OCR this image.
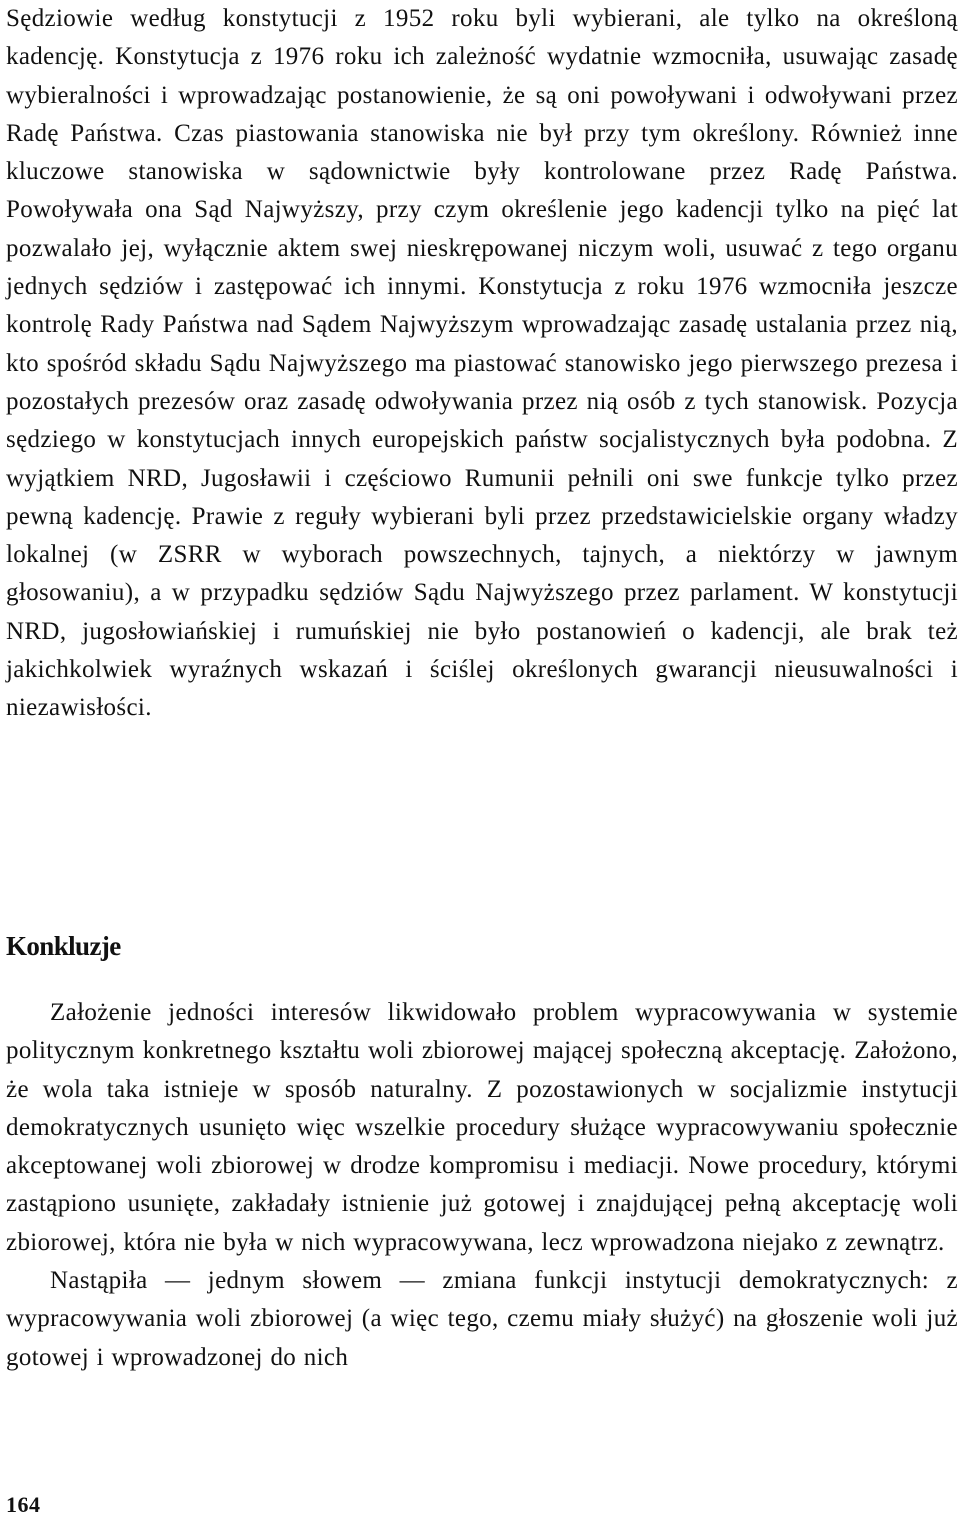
Sędziowie według konstytucji z 1952 roku byli wybierani, ale tylko na określoną kadencję. Konstytucja z 1976 roku ich zależność wydatnie wzmocniła, usuwając zasadę wybieralności i wprowadzając postanowienie, że są oni powoływani i odwoływani przez Radę Państwa. Czas piastowania stanowiska nie był przy tym określony. Również inne kluczowe stanowiska w sądownictwie były kontrolowane przez Radę Państwa. Powoływała ona Sąd Najwyższy, przy czym określenie jego kadencji tylko na pięć lat pozwalało jej, wyłącznie aktem swej nieskrępowanej niczym woli, usuwać z tego organu jednych sędziów i zastępować ich innymi. Konstytucja z roku 1976 wzmocniła jeszcze kontrolę Rady Państwa nad Sądem Najwyższym wprowadzając zasadę ustalania przez nią, kto spośród składu Sądu Najwyższego ma piastować stanowisko jego pierwszego prezesa i pozostałych prezesów oraz zasadę odwoływania przez nią osób z tych stanowisk. Pozycja sędziego w konstytucjach innych europejskich państw socjalistycznych była podobna. Z wyjątkiem NRD, Jugosławii i częściowo Rumunii pełnili oni swe funkcje tylko przez pewną kadencję. Prawie z reguły wybierani byli przez przedstawicielskie organy władzy lokalnej (w ZSRR w wyborach powszechnych, tajnych, a niektórzy w jawnym głosowaniu), a w przypadku sędziów Sądu Najwyższego przez parlament. W konstytucji NRD, jugosłowiańskiej i rumuńskiej nie było postanowień o kadencji, ale brak też jakichkolwiek wyraźnych wskazań i ściślej określonych gwarancji nieusuwalności i niezawisłości.

Konkluzje

Założenie jedności interesów likwidowało problem wypracowywania w systemie politycznym konkretnego kształtu woli zbiorowej mającej społeczną akceptację. Założono, że wola taka istnieje w sposób naturalny. Z pozostawionych w socjalizmie instytucji demokratycznych usunięto więc wszelkie procedury służące wypracowywaniu społecznie akceptowanej woli zbiorowej w drodze kompromisu i mediacji. Nowe procedury, którymi zastąpiono usunięte, zakładały istnienie już gotowej i znajdującej pełną akceptację woli zbiorowej, która nie była w nich wypracowywana, lecz wprowadzona niejako z zewnątrz.

Nastąpiła — jednym słowem — zmiana funkcji instytucji demokratycznych: z wypracowywania woli zbiorowej (a więc tego, czemu miały służyć) na głoszenie woli już gotowej i wprowadzonej do nich

164
